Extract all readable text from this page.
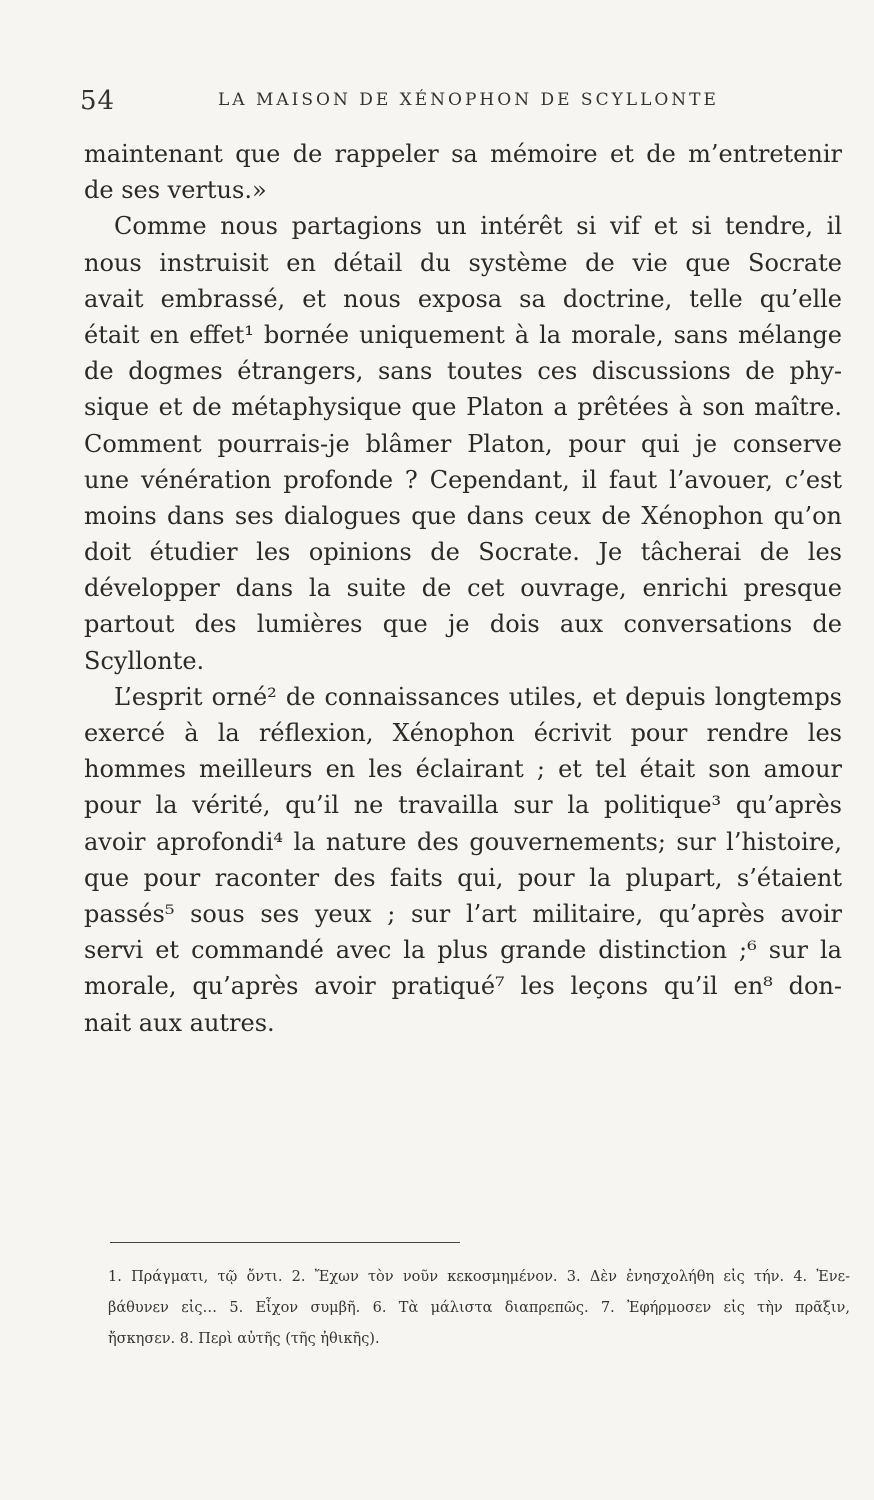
54	LA MAISON DE XÉNOPHON DE SCYLLONTE
maintenant que de rappeler sa mémoire et de m’entretenir
de ses vertus.»
Comme nous partagions un intérêt si vif et si tendre, il
nous instruisit en détail du système de vie que Socrate
avait embrassé, et nous exposa sa doctrine, telle qu’elle
était en effet¹ bornée uniquement à la morale, sans mélange
de dogmes étrangers, sans toutes ces discussions de phy-
sique et de métaphysique que Platon a prêtées à son maître.
Comment pourrais-je blâmer Platon, pour qui je conserve
une vénération profonde ? Cependant, il faut l’avouer, c’est
moins dans ses dialogues que dans ceux de Xénophon qu’on
doit étudier les opinions de Socrate. Je tâcherai de les
développer dans la suite de cet ouvrage, enrichi presque
partout des lumières que je dois aux conversations de
Scyllonte.
L’esprit orné² de connaissances utiles, et depuis longtemps
exercé à la réflexion, Xénophon écrivit pour rendre les
hommes meilleurs en les éclairant ; et tel était son amour
pour la vérité, qu’il ne travailla sur la politique³ qu’après
avoir aprofondi⁴ la nature des gouvernements; sur l’histoire,
que pour raconter des faits qui, pour la plupart, s’étaient
passés⁵ sous ses yeux ; sur l’art militaire, qu’après avoir
servi et commandé avec la plus grande distinction ;⁶ sur la
morale, qu’après avoir pratiqué⁷ les leçons qu’il en⁸ don-
nait aux autres.
1. Πράγματι, τῷ ὄντι. 2. Ἔχων τὸν νοῦν κεκοσμημένον. 3. Δὲν ἐνησχολήθη εἰς τήν. 4. Ἐνε-
βάθυνεν εἰς… 5. Εἶχον συμβῆ. 6. Τὰ μάλιστα διαπρεπῶς. 7. Ἐφήρμοσεν εἰς τὴν πρᾶξιν,
ἤσκησεν. 8. Περὶ αὐτῆς (τῆς ἠθικῆς).
